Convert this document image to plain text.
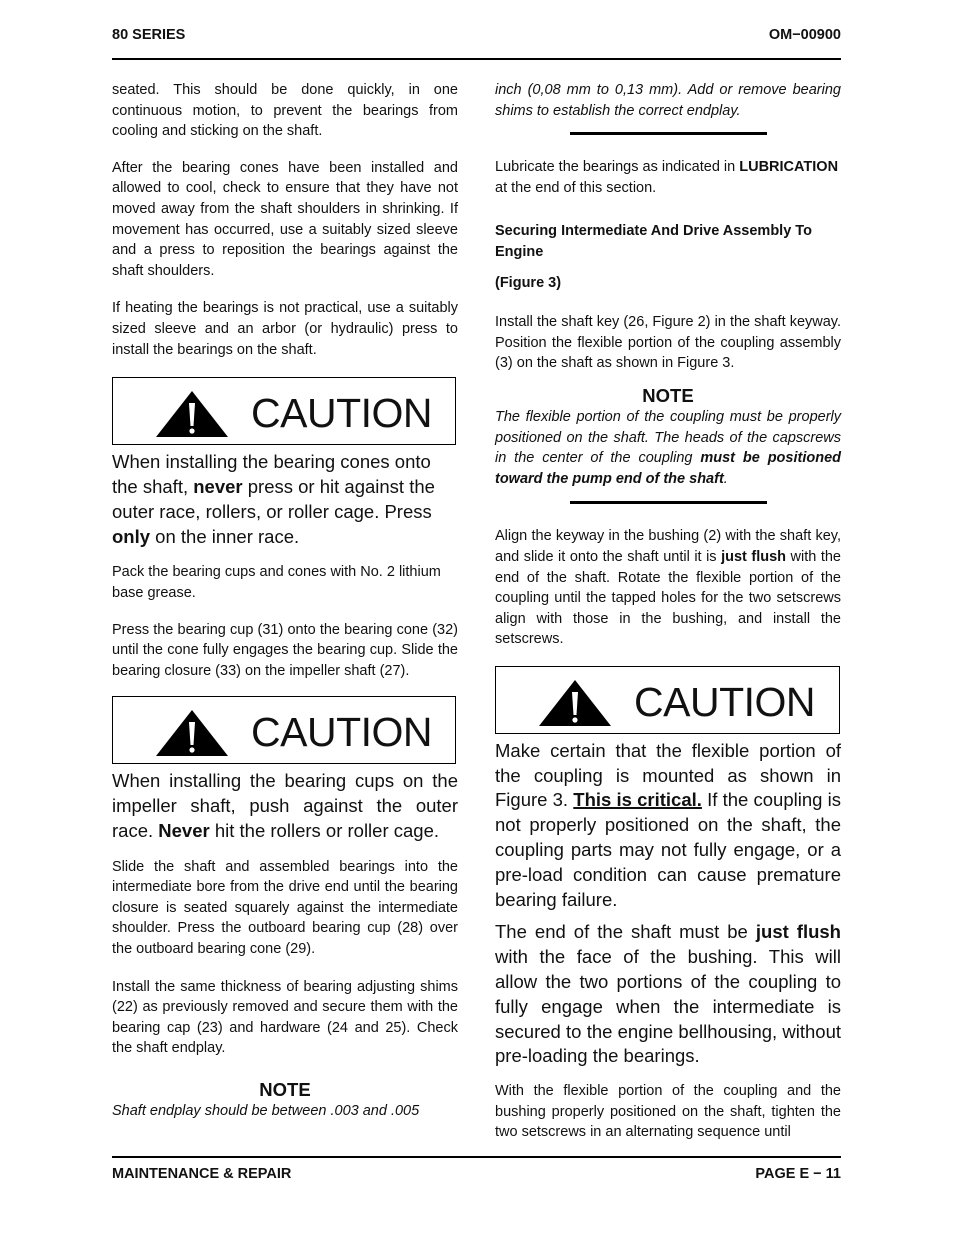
80 SERIES	OM−00900

seated. This should be done quickly, in one continuous motion, to prevent the bearings from cooling and sticking on the shaft.

After the bearing cones have been installed and allowed to cool, check to ensure that they have not moved away from the shaft shoulders in shrinking. If movement has occurred, use a suitably sized sleeve and a press to reposition the bearings against the shaft shoulders.

If heating the bearings is not practical, use a suitably sized sleeve and an arbor (or hydraulic) press to install the bearings on the shaft.

CAUTION

When installing the bearing cones onto the shaft, never press or hit against the outer race, rollers, or roller cage. Press only on the inner race.

Pack the bearing cups and cones with No. 2 lithium base grease.

Press the bearing cup (31) onto the bearing cone (32) until the cone fully engages the bearing cup. Slide the bearing closure (33) on the impeller shaft (27).

CAUTION

When installing the bearing cups on the impeller shaft, push against the outer race. Never hit the rollers or roller cage.

Slide the shaft and assembled bearings into the intermediate bore from the drive end until the bearing closure is seated squarely against the intermediate shoulder. Press the outboard bearing cup (28) over the outboard bearing cone (29).

Install the same thickness of bearing adjusting shims (22) as previously removed and secure them with the bearing cap (23) and hardware (24 and 25). Check the shaft endplay.

NOTE

Shaft endplay should be between .003 and .005

inch (0,08 mm to 0,13 mm). Add or remove bearing shims to establish the correct endplay.

Lubricate the bearings as indicated in LUBRICATION at the end of this section.

Securing Intermediate And Drive Assembly To Engine
(Figure 3)

Install the shaft key (26, Figure 2) in the shaft keyway. Position the flexible portion of the coupling assembly (3) on the shaft as shown in Figure 3.

NOTE

The flexible portion of the coupling must be properly positioned on the shaft. The heads of the capscrews in the center of the coupling must be positioned toward the pump end of the shaft.

Align the keyway in the bushing (2) with the shaft key, and slide it onto the shaft until it is just flush with the end of the shaft. Rotate the flexible portion of the coupling until the tapped holes for the two setscrews align with those in the bushing, and install the setscrews.

CAUTION

Make certain that the flexible portion of the coupling is mounted as shown in Figure 3. This is critical. If the coupling is not properly positioned on the shaft, the coupling parts may not fully engage, or a pre-load condition can cause premature bearing failure.

The end of the shaft must be just flush with the face of the bushing. This will allow the two portions of the coupling to fully engage when the intermediate is secured to the engine bellhousing, without pre-loading the bearings.

With the flexible portion of the coupling and the bushing properly positioned on the shaft, tighten the two setscrews in an alternating sequence until

MAINTENANCE & REPAIR	PAGE E − 11
